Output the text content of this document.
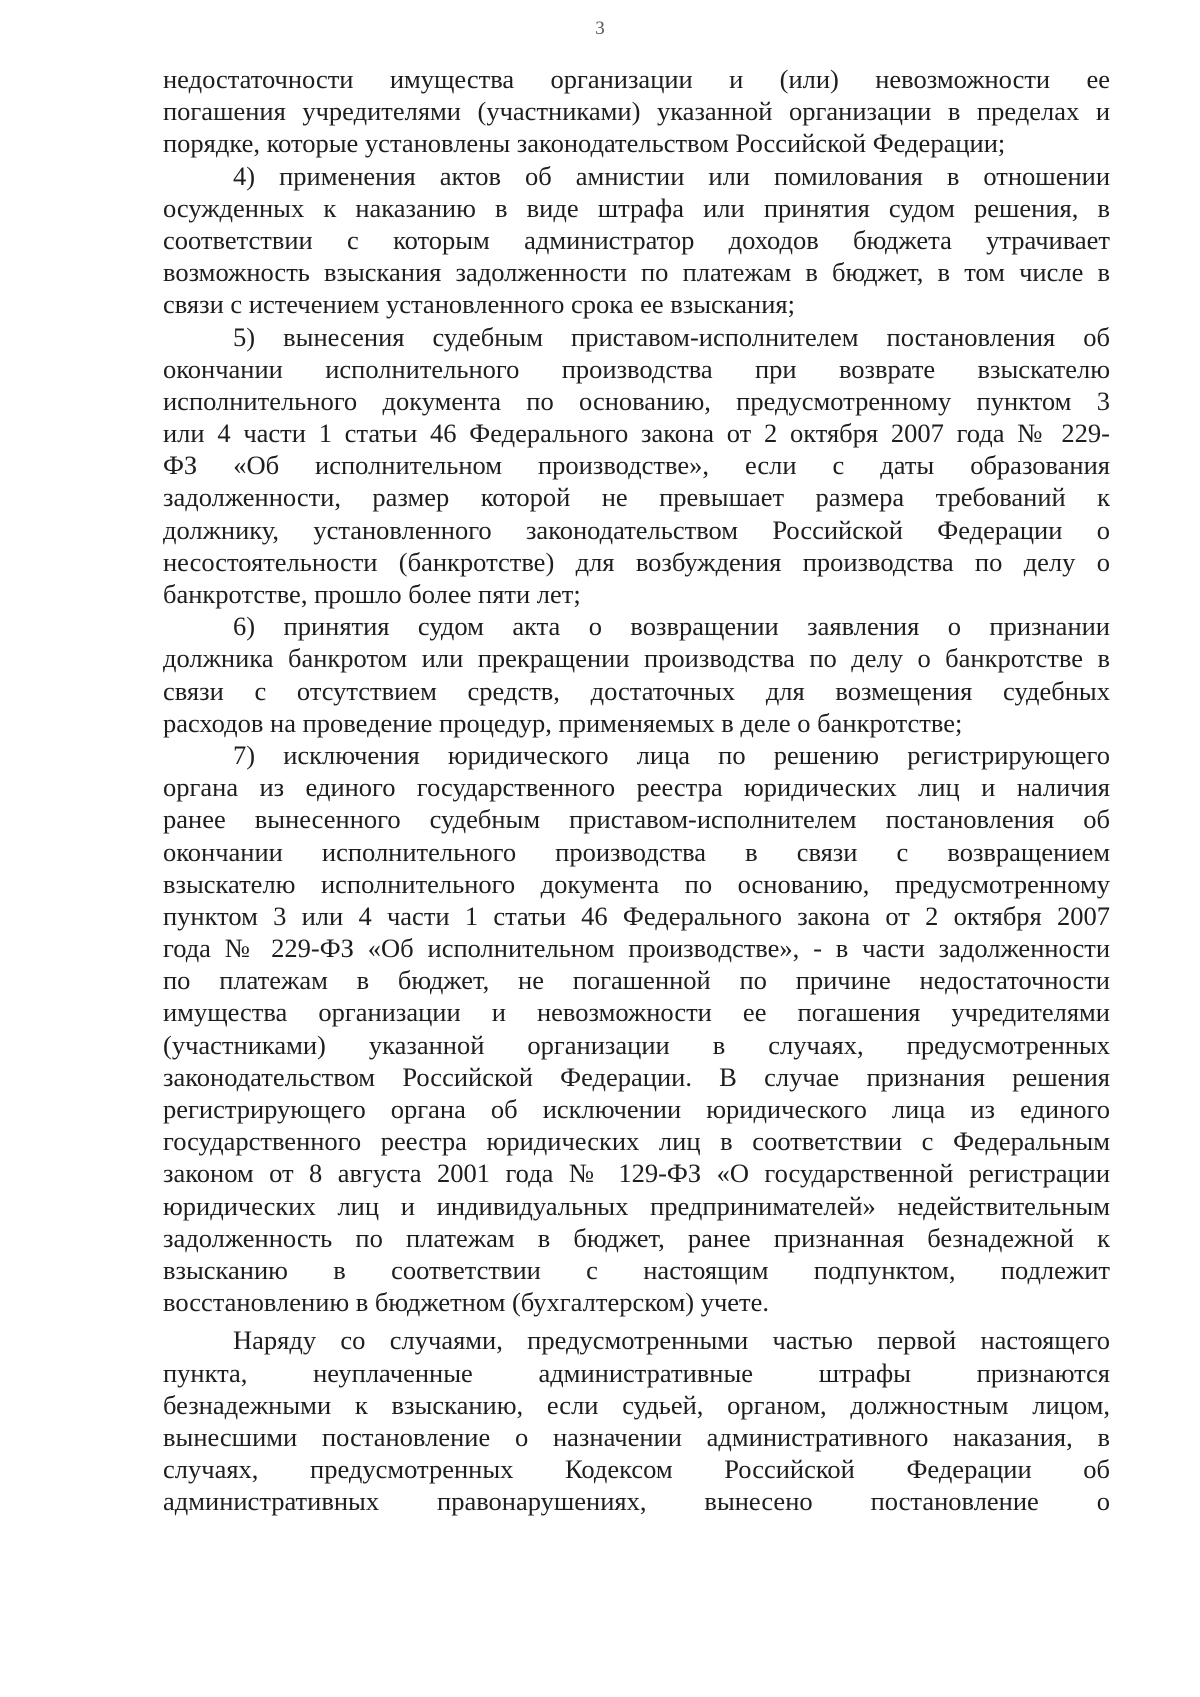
3
недостаточности имущества организации и (или) невозможности ее
погашения учредителями (участниками) указанной организации в пределах и
порядке, которые установлены законодательством Российской Федерации;
4) применения актов об амнистии или помилования в отношении
осужденных к наказанию в виде штрафа или принятия судом решения, в
соответствии с которым администратор доходов бюджета утрачивает
возможность взыскания задолженности по платежам в бюджет, в том числе в
связи с истечением установленного срока ее взыскания;
5) вынесения судебным приставом-исполнителем постановления об
окончании исполнительного производства при возврате взыскателю
исполнительного документа по основанию, предусмотренному пунктом 3
или 4 части 1 статьи 46 Федерального закона от 2 октября 2007 года № 229-
ФЗ «Об исполнительном производстве», если с даты образования
задолженности, размер которой не превышает размера требований к
должнику, установленного законодательством Российской Федерации о
несостоятельности (банкротстве) для возбуждения производства по делу о
банкротстве, прошло более пяти лет;
6) принятия судом акта о возвращении заявления о признании
должника банкротом или прекращении производства по делу о банкротстве в
связи с отсутствием средств, достаточных для возмещения судебных
расходов на проведение процедур, применяемых в деле о банкротстве;
7) исключения юридического лица по решению регистрирующего
органа из единого государственного реестра юридических лиц и наличия
ранее вынесенного судебным приставом-исполнителем постановления об
окончании исполнительного производства в связи с возвращением
взыскателю исполнительного документа по основанию, предусмотренному
пунктом 3 или 4 части 1 статьи 46 Федерального закона от 2 октября 2007
года № 229-ФЗ «Об исполнительном производстве», - в части задолженности
по платежам в бюджет, не погашенной по причине недостаточности
имущества организации и невозможности ее погашения учредителями
(участниками) указанной организации в случаях, предусмотренных
законодательством Российской Федерации. В случае признания решения
регистрирующего органа об исключении юридического лица из единого
государственного реестра юридических лиц в соответствии с Федеральным
законом от 8 августа 2001 года № 129-ФЗ «О государственной регистрации
юридических лиц и индивидуальных предпринимателей» недействительным
задолженность по платежам в бюджет, ранее признанная безнадежной к
взысканию в соответствии с настоящим подпунктом, подлежит
восстановлению в бюджетном (бухгалтерском) учете.
Наряду со случаями, предусмотренными частью первой настоящего
пункта, неуплаченные административные штрафы признаются
безнадежными к взысканию, если судьей, органом, должностным лицом,
вынесшими постановление о назначении административного наказания, в
случаях, предусмотренных Кодексом Российской Федерации об
административных правонарушениях, вынесено постановление о
